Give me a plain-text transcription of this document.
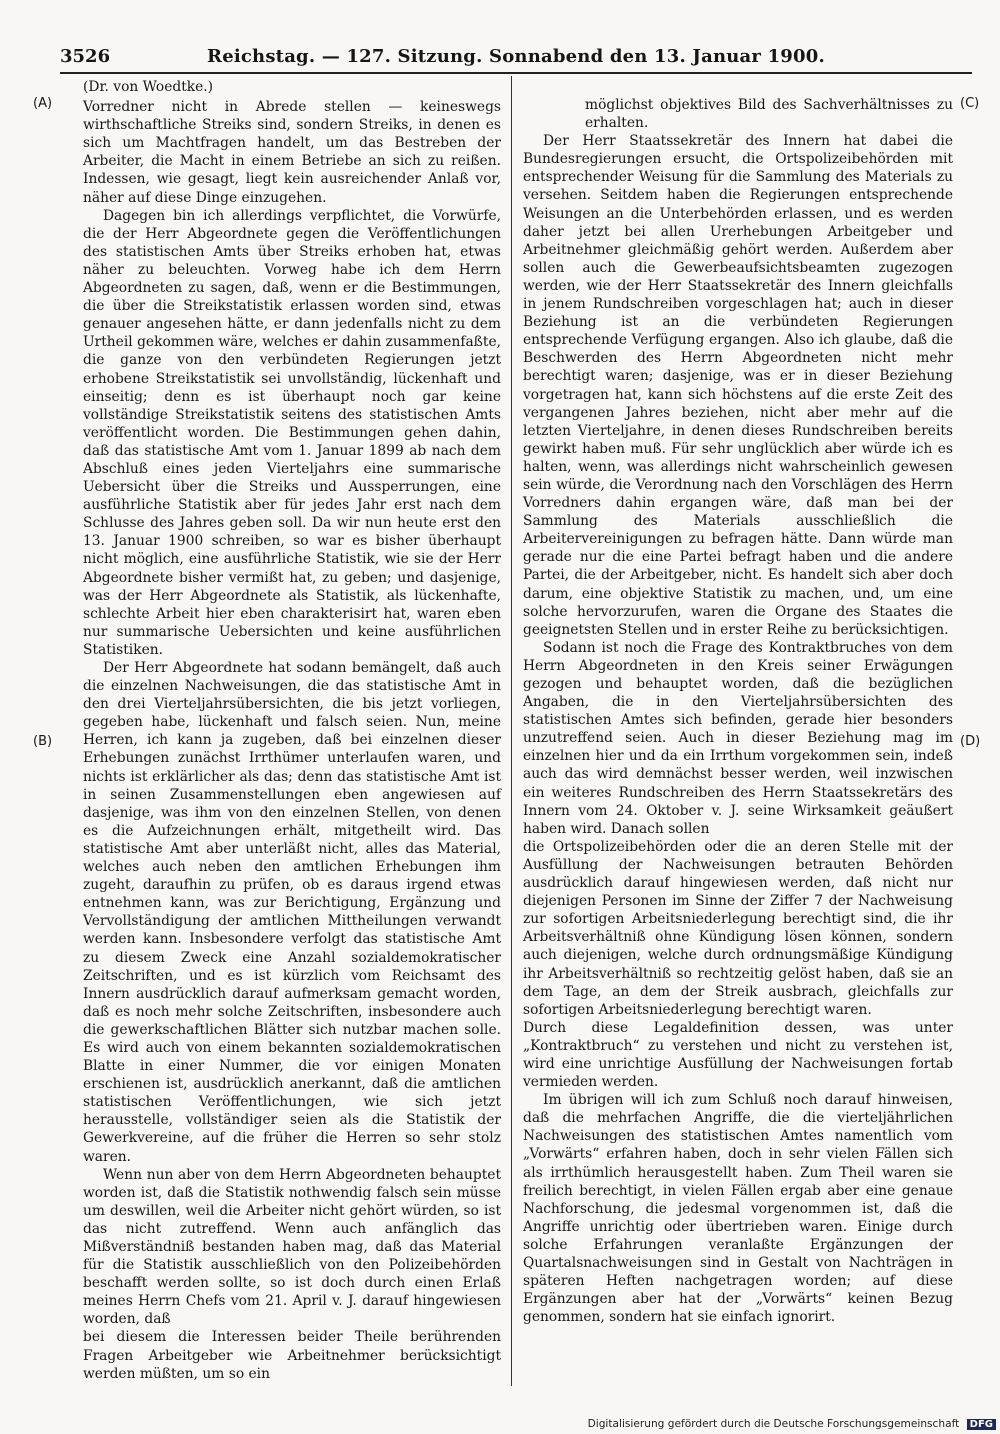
3526	Reichstag. — 127. Sitzung. Sonnabend den 13. Januar 1900.
(A)
(B)
(C)
(D)
(Dr. von Woedtke.)

Vorredner nicht in Abrede stellen — keineswegs wirthschaftliche Streiks sind, sondern Streiks, in denen es sich um Machtfragen handelt, um das Bestreben der Arbeiter, die Macht in einem Betriebe an sich zu reißen. Indessen, wie gesagt, liegt kein ausreichender Anlaß vor, näher auf diese Dinge einzugehen.

Dagegen bin ich allerdings verpflichtet, die Vorwürfe, die der Herr Abgeordnete gegen die Veröffentlichungen des statistischen Amts über Streiks erhoben hat, etwas näher zu beleuchten. Vorweg habe ich dem Herrn Abgeordneten zu sagen, daß, wenn er die Bestimmungen, die über die Streikstatistik erlassen worden sind, etwas genauer angesehen hätte, er dann jedenfalls nicht zu dem Urtheil gekommen wäre, welches er dahin zusammenfaßte, die ganze von den verbündeten Regierungen jetzt erhobene Streikstatistik sei unvollständig, lückenhaft und einseitig; denn es ist überhaupt noch gar keine vollständige Streikstatistik seitens des statistischen Amts veröffentlicht worden. Die Bestimmungen gehen dahin, daß das statistische Amt vom 1. Januar 1899 ab nach dem Abschluß eines jeden Vierteljahrs eine summarische Uebersicht über die Streiks und Aussperrungen, eine ausführliche Statistik aber für jedes Jahr erst nach dem Schlusse des Jahres geben soll. Da wir nun heute erst den 13. Januar 1900 schreiben, so war es bisher überhaupt nicht möglich, eine ausführliche Statistik, wie sie der Herr Abgeordnete bisher vermißt hat, zu geben; und dasjenige, was der Herr Abgeordnete als Statistik, als lückenhafte, schlechte Arbeit hier eben charakterisirt hat, waren eben nur summarische Uebersichten und keine ausführlichen Statistiken.

Der Herr Abgeordnete hat sodann bemängelt, daß auch die einzelnen Nachweisungen, die das statistische Amt in den drei Vierteljahrsübersichten, die bis jetzt vorliegen, gegeben habe, lückenhaft und falsch seien. Nun, meine Herren, ich kann ja zugeben, daß bei einzelnen dieser Erhebungen zunächst Irrthümer unterlaufen waren, und nichts ist erklärlicher als das; denn das statistische Amt ist in seinen Zusammenstellungen eben angewiesen auf dasjenige, was ihm von den einzelnen Stellen, von denen es die Aufzeichnungen erhält, mitgetheilt wird. Das statistische Amt aber unterläßt nicht, alles das Material, welches auch neben den amtlichen Erhebungen ihm zugeht, daraufhin zu prüfen, ob es daraus irgend etwas entnehmen kann, was zur Berichtigung, Ergänzung und Vervollständigung der amtlichen Mittheilungen verwandt werden kann. Insbesondere verfolgt das statistische Amt zu diesem Zweck eine Anzahl sozialdemokratischer Zeitschriften, und es ist kürzlich vom Reichsamt des Innern ausdrücklich darauf aufmerksam gemacht worden, daß es noch mehr solche Zeitschriften, insbesondere auch die gewerkschaftlichen Blätter sich nutzbar machen solle. Es wird auch von einem bekannten sozialdemokratischen Blatte in einer Nummer, die vor einigen Monaten erschienen ist, ausdrücklich anerkannt, daß die amtlichen statistischen Veröffentlichungen, wie sich jetzt herausstelle, vollständiger seien als die Statistik der Gewerkvereine, auf die früher die Herren so sehr stolz waren.

Wenn nun aber von dem Herrn Abgeordneten behauptet worden ist, daß die Statistik nothwendig falsch sein müsse um deswillen, weil die Arbeiter nicht gehört würden, so ist das nicht zutreffend. Wenn auch anfänglich das Mißverständniß bestanden haben mag, daß das Material für die Statistik ausschließlich von den Polizeibehörden beschafft werden sollte, so ist doch durch einen Erlaß meines Herrn Chefs vom 21. April v. J. darauf hingewiesen worden, daß

bei diesem die Interessen beider Theile berührenden Fragen Arbeitgeber wie Arbeitnehmer berücksichtigt werden müßten, um so ein

möglichst objektives Bild des Sachverhältnisses zu erhalten.

Der Herr Staatssekretär des Innern hat dabei die Bundesregierungen ersucht, die Ortspolizeibehörden mit entsprechender Weisung für die Sammlung des Materials zu versehen. Seitdem haben die Regierungen entsprechende Weisungen an die Unterbehörden erlassen, und es werden daher jetzt bei allen Urerhebungen Arbeitgeber und Arbeitnehmer gleichmäßig gehört werden. Außerdem aber sollen auch die Gewerbeaufsichtsbeamten zugezogen werden, wie der Herr Staatssekretär des Innern gleichfalls in jenem Rundschreiben vorgeschlagen hat; auch in dieser Beziehung ist an die verbündeten Regierungen entsprechende Verfügung ergangen. Also ich glaube, daß die Beschwerden des Herrn Abgeordneten nicht mehr berechtigt waren; dasjenige, was er in dieser Beziehung vorgetragen hat, kann sich höchstens auf die erste Zeit des vergangenen Jahres beziehen, nicht aber mehr auf die letzten Vierteljahre, in denen dieses Rundschreiben bereits gewirkt haben muß. Für sehr unglücklich aber würde ich es halten, wenn, was allerdings nicht wahrscheinlich gewesen sein würde, die Verordnung nach den Vorschlägen des Herrn Vorredners dahin ergangen wäre, daß man bei der Sammlung des Materials ausschließlich die Arbeitervereinigungen zu befragen hätte. Dann würde man gerade nur die eine Partei befragt haben und die andere Partei, die der Arbeitgeber, nicht. Es handelt sich aber doch darum, eine objektive Statistik zu machen, und, um eine solche hervorzurufen, waren die Organe des Staates die geeignetsten Stellen und in erster Reihe zu berücksichtigen.

Sodann ist noch die Frage des Kontraktbruches von dem Herrn Abgeordneten in den Kreis seiner Erwägungen gezogen und behauptet worden, daß die bezüglichen Angaben, die in den Vierteljahrsübersichten des statistischen Amtes sich befinden, gerade hier besonders unzutreffend seien. Auch in dieser Beziehung mag im einzelnen hier und da ein Irrthum vorgekommen sein, indeß auch das wird demnächst besser werden, weil inzwischen ein weiteres Rundschreiben des Herrn Staatssekretärs des Innern vom 24. Oktober v. J. seine Wirksamkeit geäußert haben wird. Danach sollen

die Ortspolizeibehörden oder die an deren Stelle mit der Ausfüllung der Nachweisungen betrauten Behörden ausdrücklich darauf hingewiesen werden, daß nicht nur diejenigen Personen im Sinne der Ziffer 7 der Nachweisung zur sofortigen Arbeitsniederlegung berechtigt sind, die ihr Arbeitsverhältniß ohne Kündigung lösen können, sondern auch diejenigen, welche durch ordnungsmäßige Kündigung ihr Arbeitsverhältniß so rechtzeitig gelöst haben, daß sie an dem Tage, an dem der Streik ausbrach, gleichfalls zur sofortigen Arbeitsniederlegung berechtigt waren.

Durch diese Legaldefinition dessen, was unter „Kontraktbruch“ zu verstehen und nicht zu verstehen ist, wird eine unrichtige Ausfüllung der Nachweisungen fortab vermieden werden.

Im übrigen will ich zum Schluß noch darauf hinweisen, daß die mehrfachen Angriffe, die die vierteljährlichen Nachweisungen des statistischen Amtes namentlich vom „Vorwärts“ erfahren haben, doch in sehr vielen Fällen sich als irrthümlich herausgestellt haben. Zum Theil waren sie freilich berechtigt, in vielen Fällen ergab aber eine genaue Nachforschung, die jedesmal vorgenommen ist, daß die Angriffe unrichtig oder übertrieben waren. Einige durch solche Erfahrungen veranlaßte Ergänzungen der Quartalsnachweisungen sind in Gestalt von Nachträgen in späteren Heften nachgetragen worden; auf diese Ergänzungen aber hat der „Vorwärts“ keinen Bezug genommen, sondern hat sie einfach ignorirt.

Digitalisierung gefördert durch die Deutsche Forschungsgemeinschaft DFG
